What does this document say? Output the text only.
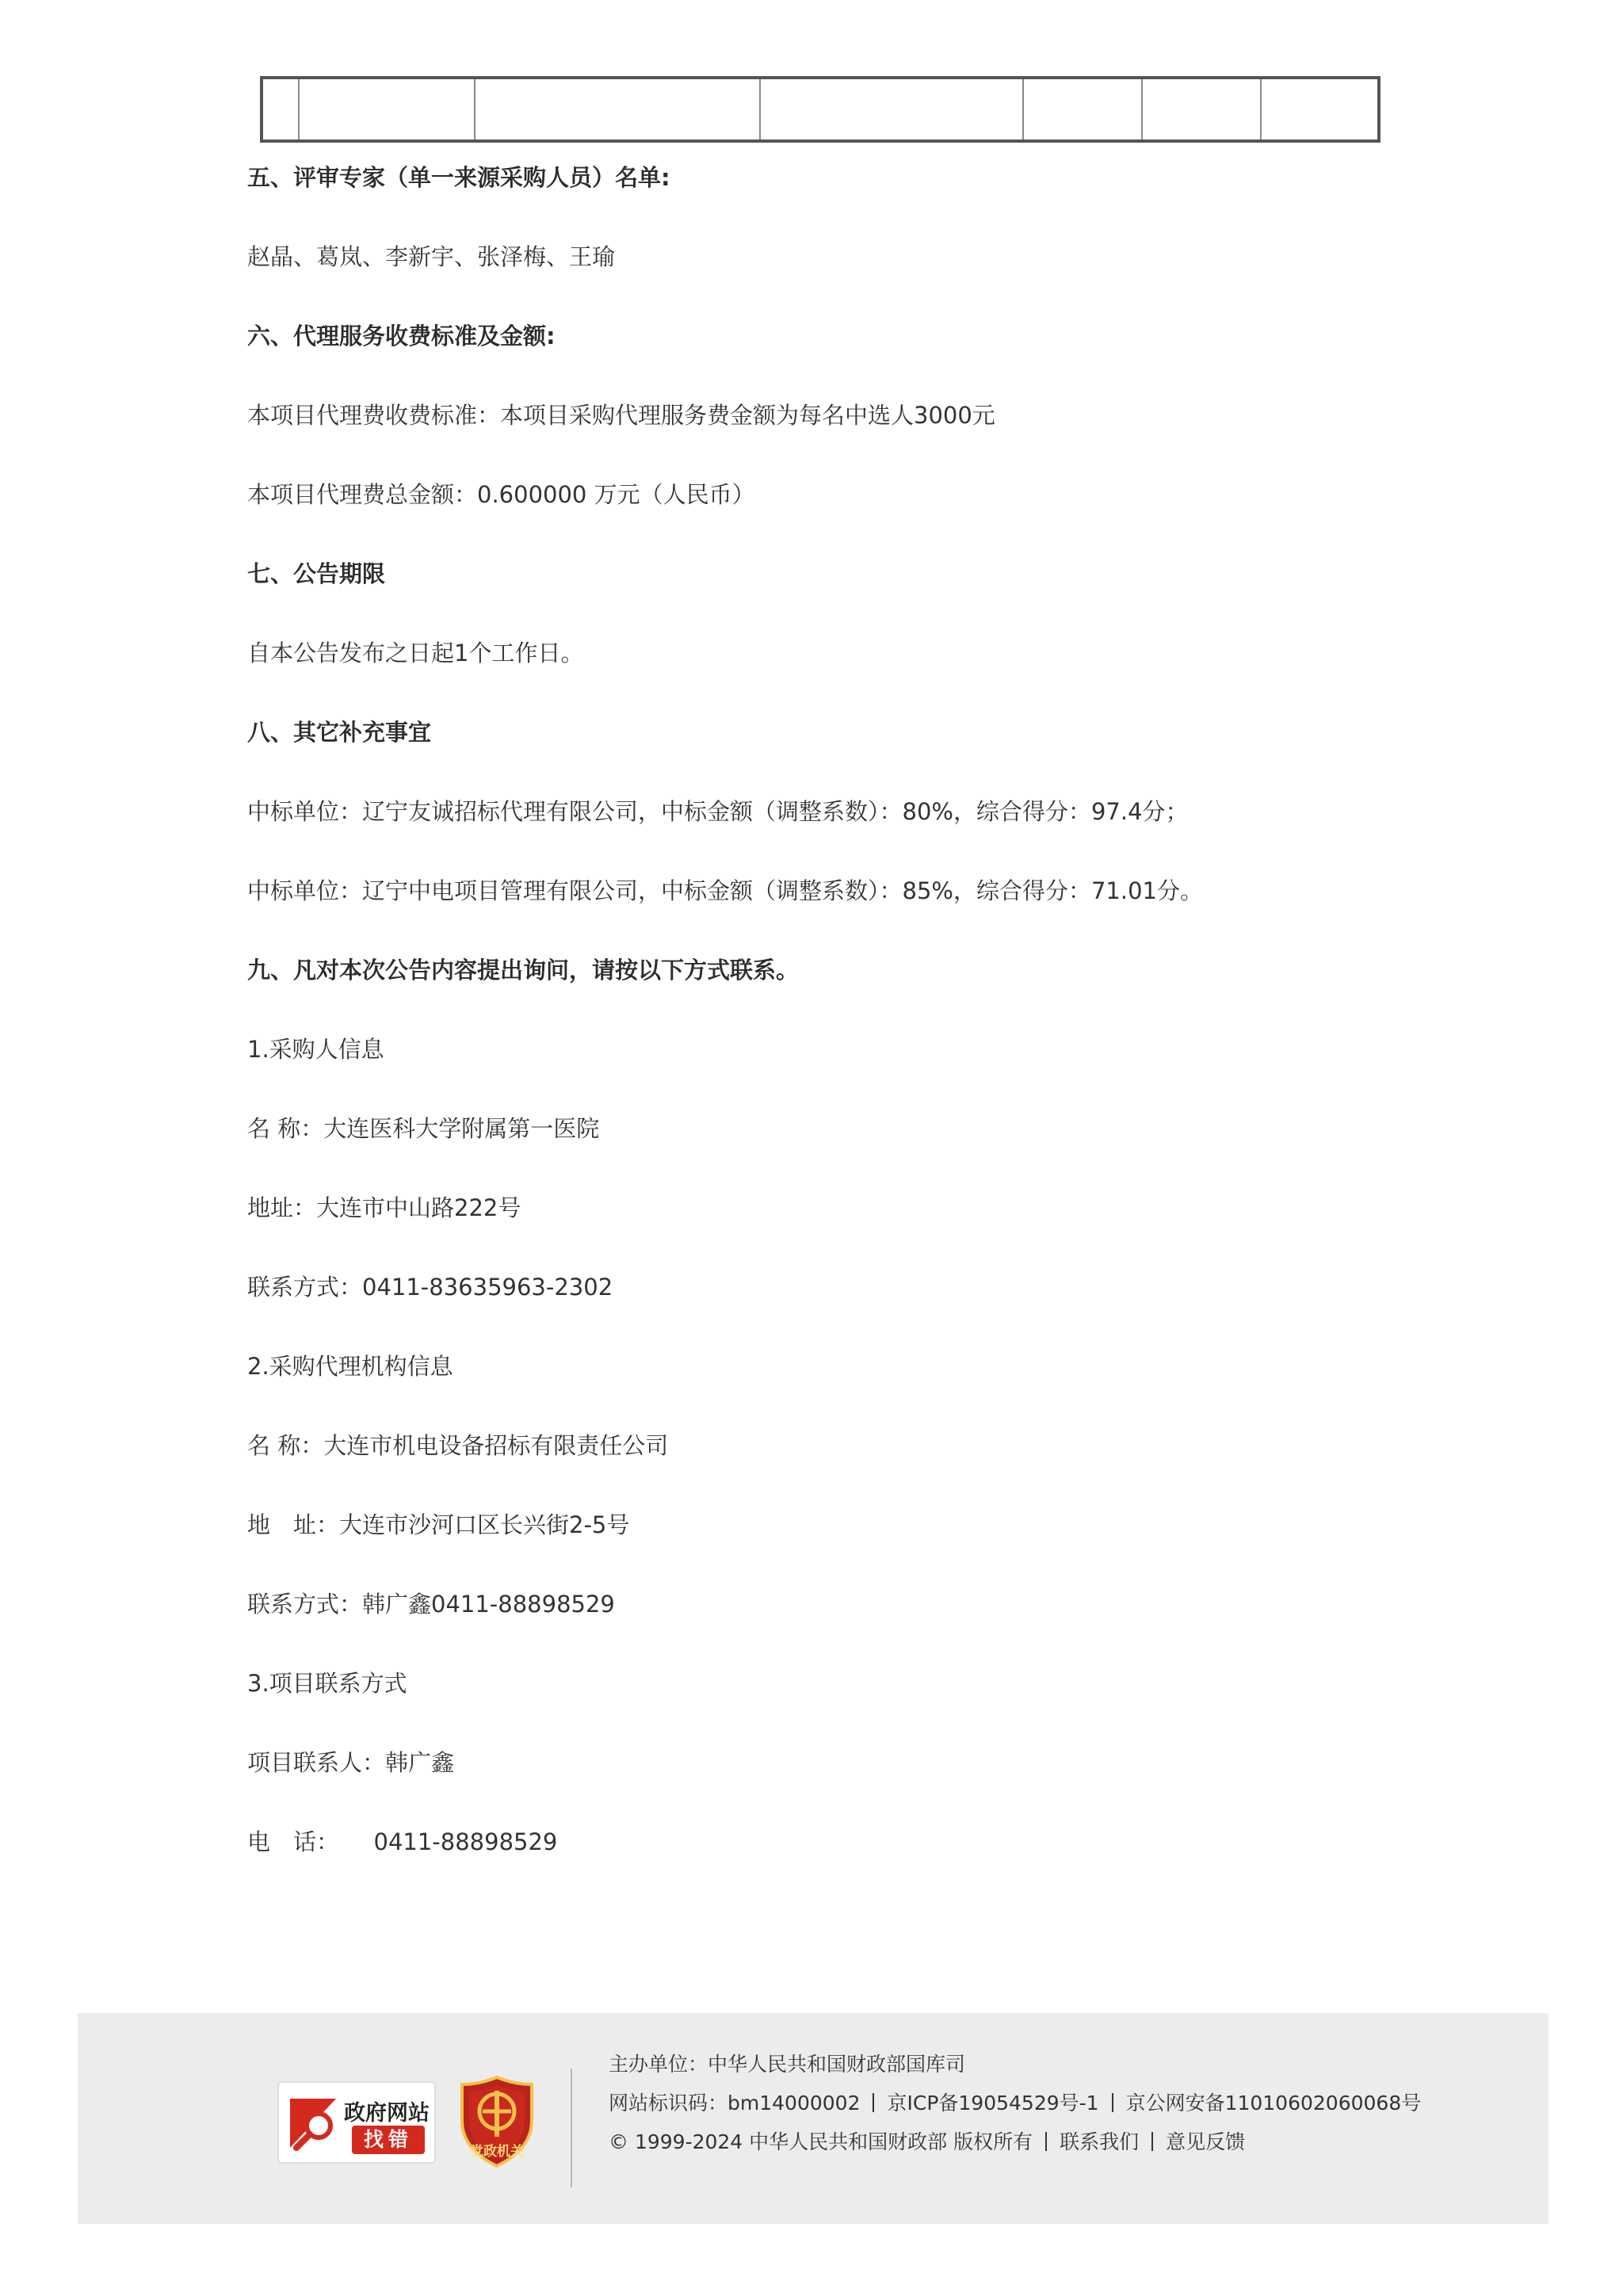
五、评审专家（单一来源采购人员）名单:
赵晶、葛岚、李新宇、张泽梅、王瑜
六、代理服务收费标准及金额:
本项目代理费收费标准：本项目采购代理服务费金额为每名中选人3000元
本项目代理费总金额：0.600000 万元（人民币）
七、公告期限
自本公告发布之日起1个工作日。
八、其它补充事宜
中标单位：辽宁友诚招标代理有限公司，中标金额（调整系数）：80%，综合得分：97.4分；
中标单位：辽宁中电项目管理有限公司，中标金额（调整系数）：85%，综合得分：71.01分。
九、凡对本次公告内容提出询问，请按以下方式联系。
1.采购人信息
名 称：大连医科大学附属第一医院
地址：大连市中山路222号
联系方式：0411-83635963-2302
2.采购代理机构信息
名 称：大连市机电设备招标有限责任公司
地　址：大连市沙河口区长兴街2-5号
联系方式：韩广鑫0411-88898529
3.项目联系方式
项目联系人：韩广鑫
电　话：　　0411-88898529
政府网站
找错
党政机关
主办单位：中华人民共和国财政部国库司
网站标识码：bm14000002 京ICP备19054529号-1 京公网安备11010602060068号
© 1999-2024 中华人民共和国财政部 版权所有 联系我们 意见反馈
